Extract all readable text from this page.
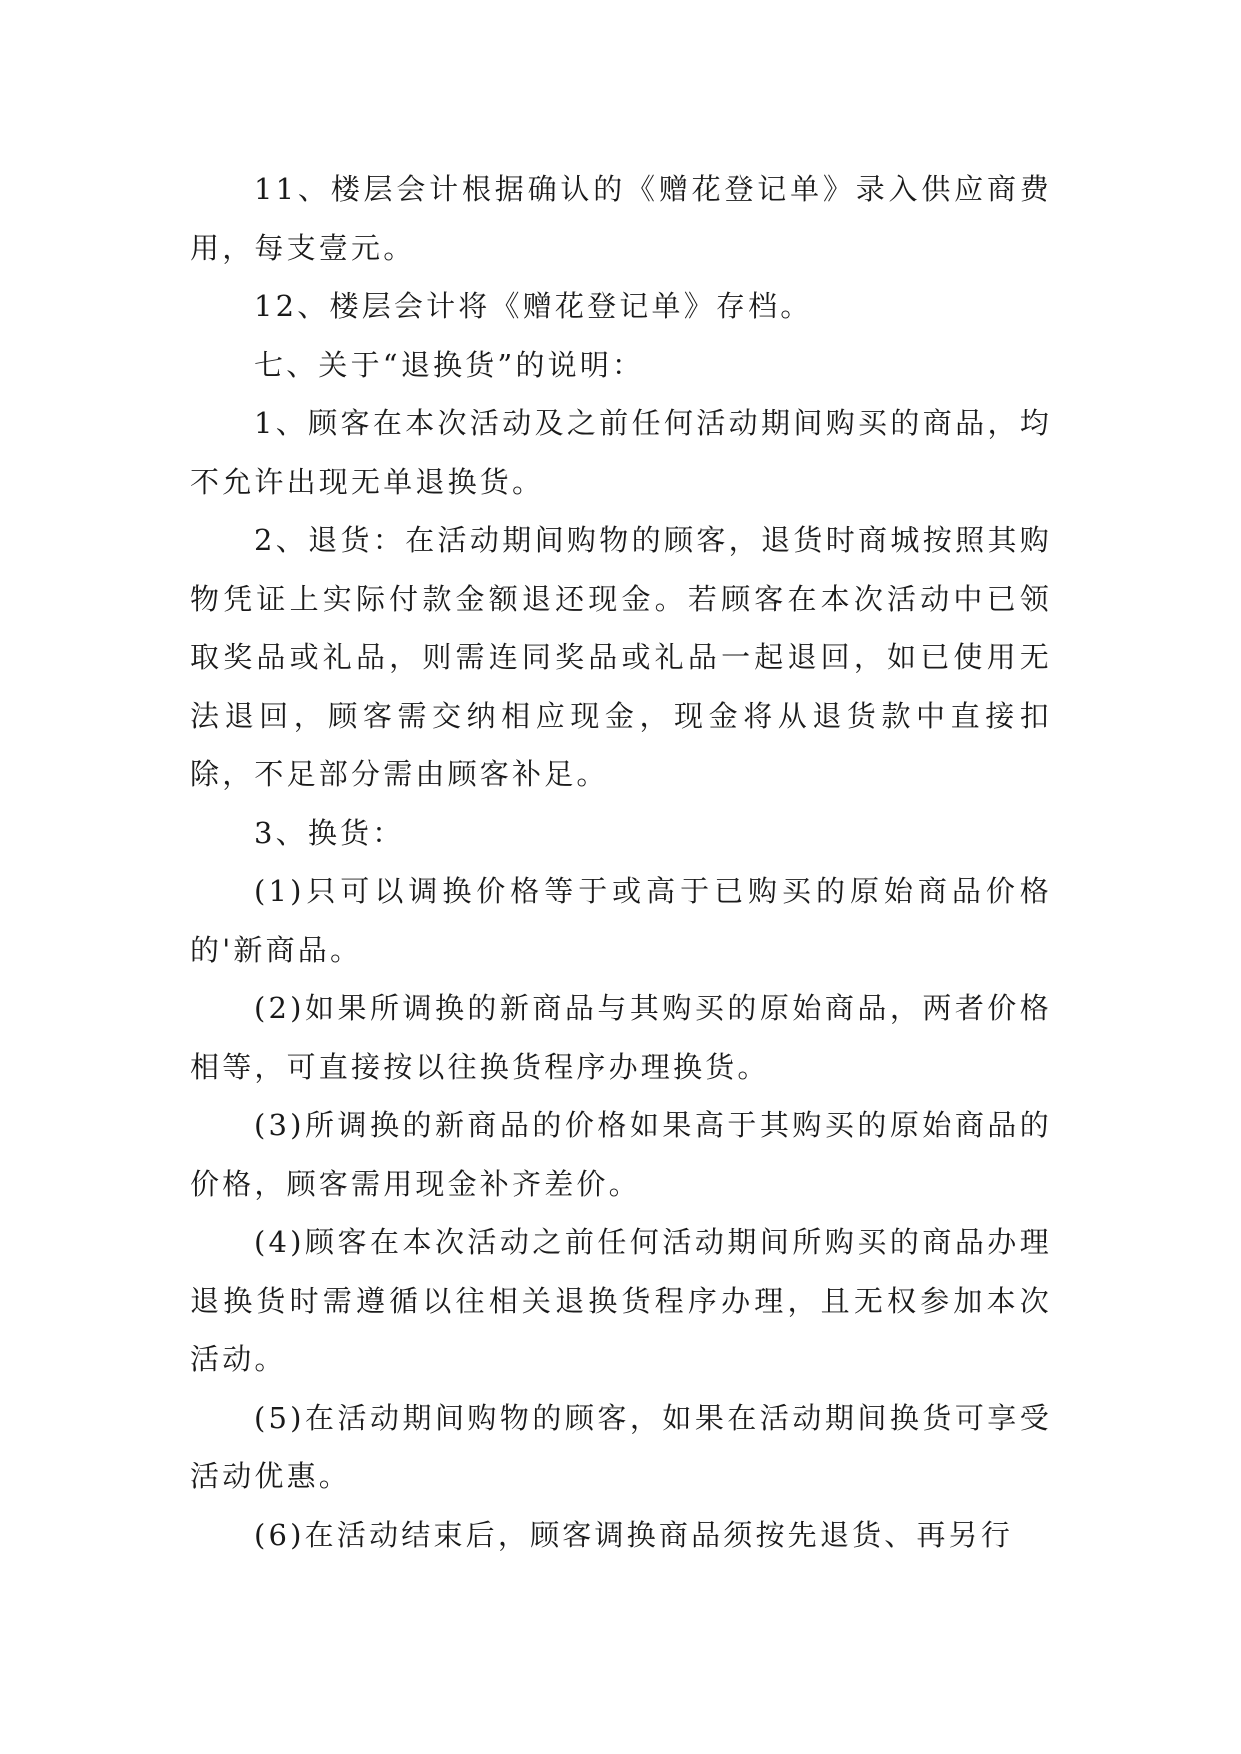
11、楼层会计根据确认的《赠花登记单》录入供应商费用，每支壹元。

12、楼层会计将《赠花登记单》存档。

七、关于“退换货”的说明：

1、顾客在本次活动及之前任何活动期间购买的商品，均不允许出现无单退换货。

2、退货：在活动期间购物的顾客，退货时商城按照其购物凭证上实际付款金额退还现金。若顾客在本次活动中已领取奖品或礼品，则需连同奖品或礼品一起退回，如已使用无法退回，顾客需交纳相应现金，现金将从退货款中直接扣除，不足部分需由顾客补足。

3、换货：

(1)只可以调换价格等于或高于已购买的原始商品价格的'新商品。

(2)如果所调换的新商品与其购买的原始商品，两者价格相等，可直接按以往换货程序办理换货。

(3)所调换的新商品的价格如果高于其购买的原始商品的价格，顾客需用现金补齐差价。

(4)顾客在本次活动之前任何活动期间所购买的商品办理退换货时需遵循以往相关退换货程序办理，且无权参加本次活动。

(5)在活动期间购物的顾客，如果在活动期间换货可享受活动优惠。

(6)在活动结束后，顾客调换商品须按先退货、再另行
